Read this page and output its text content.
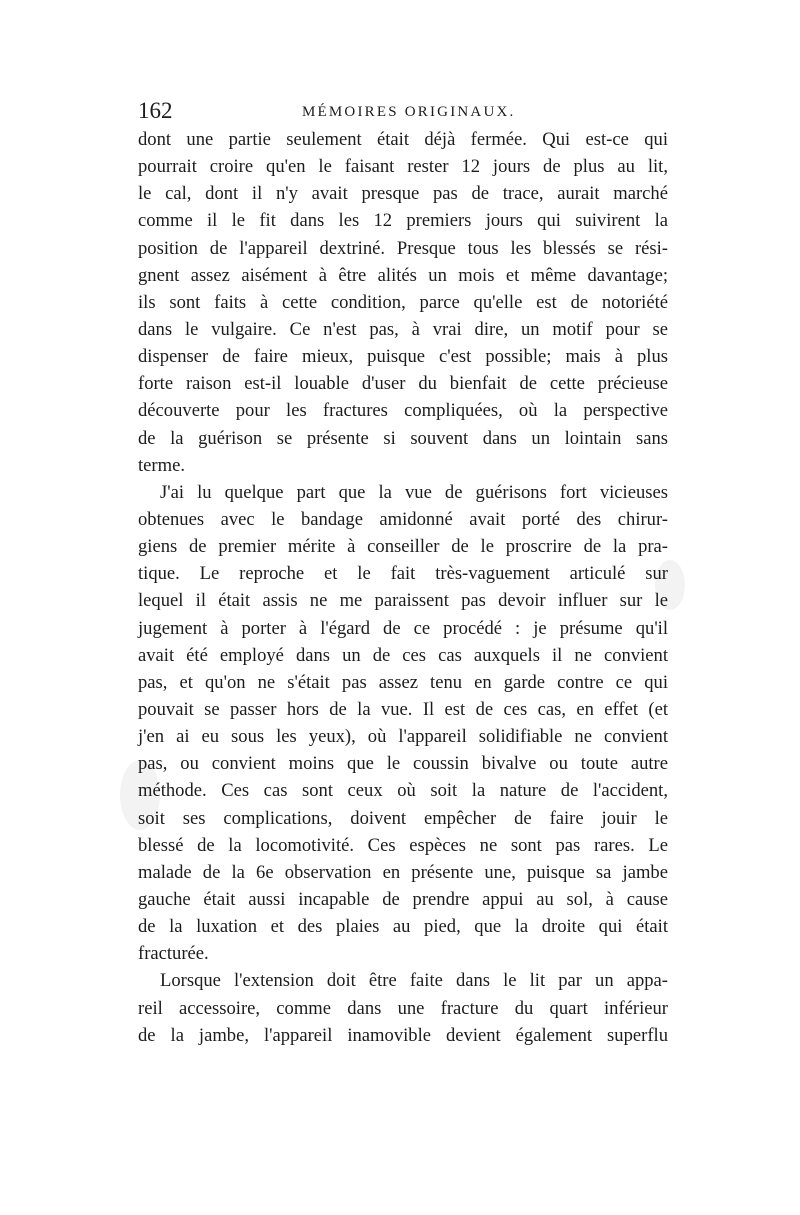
162	MÉMOIRES ORIGINAUX.
dont une partie seulement était déjà fermée. Qui est-ce qui
pourrait croire qu'en le faisant rester 12 jours de plus au lit,
le cal, dont il n'y avait presque pas de trace, aurait marché
comme il le fit dans les 12 premiers jours qui suivirent la
position de l'appareil dextriné. Presque tous les blessés se rési-
gnent assez aisément à être alités un mois et même davantage;
ils sont faits à cette condition, parce qu'elle est de notoriété
dans le vulgaire. Ce n'est pas, à vrai dire, un motif pour se
dispenser de faire mieux, puisque c'est possible; mais à plus
forte raison est-il louable d'user du bienfait de cette précieuse
découverte pour les fractures compliquées, où la perspective
de la guérison se présente si souvent dans un lointain sans
terme.
J'ai lu quelque part que la vue de guérisons fort vicieuses
obtenues avec le bandage amidonné avait porté des chirur-
giens de premier mérite à conseiller de le proscrire de la pra-
tique. Le reproche et le fait très-vaguement articulé sur
lequel il était assis ne me paraissent pas devoir influer sur le
jugement à porter à l'égard de ce procédé : je présume qu'il
avait été employé dans un de ces cas auxquels il ne convient
pas, et qu'on ne s'était pas assez tenu en garde contre ce qui
pouvait se passer hors de la vue. Il est de ces cas, en effet (et
j'en ai eu sous les yeux), où l'appareil solidifiable ne convient
pas, ou convient moins que le coussin bivalve ou toute autre
méthode. Ces cas sont ceux où soit la nature de l'accident,
soit ses complications, doivent empêcher de faire jouir le
blessé de la locomotivité. Ces espèces ne sont pas rares. Le
malade de la 6e observation en présente une, puisque sa jambe
gauche était aussi incapable de prendre appui au sol, à cause
de la luxation et des plaies au pied, que la droite qui était
fracturée.
Lorsque l'extension doit être faite dans le lit par un appa-
reil accessoire, comme dans une fracture du quart inférieur
de la jambe, l'appareil inamovible devient également superflu
